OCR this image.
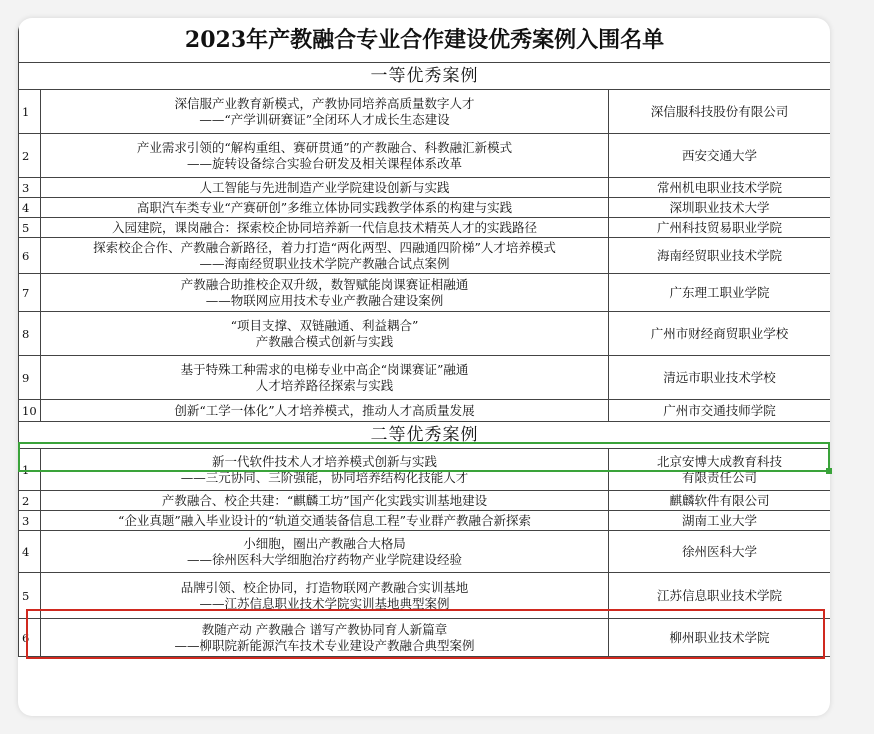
2023年产教融合专业合作建设优秀案例入围名单		
一等优秀案例		
1	深信服产业教育新模式，产教协同培养高质量数字人才
——“产学训研赛证”全闭环人才成长生态建设	深信服科技股份有限公司

2	产业需求引领的“解构重组、赛研贯通”的产教融合、科教融汇新模式
——旋转设备综合实验台研发及相关课程体系改革	西安交通大学

3	人工智能与先进制造产业学院建设创新与实践	常州机电职业技术学院

4	高职汽车类专业“产赛研创”多维立体协同实践教学体系的构建与实践	深圳职业技术大学

5	入园建院，课岗融合：探索校企协同培养新一代信息技术精英人才的实践路径	广州科技贸易职业学院

6	探索校企合作、产教融合新路径，着力打造“两化两型、四融通四阶梯”人才培养模式
——海南经贸职业技术学院产教融合试点案例	海南经贸职业技术学院

7	产教融合助推校企双升级，数智赋能岗课赛证相融通
——物联网应用技术专业产教融合建设案例	广东理工职业学院

8	“项目支撑、双链融通、利益耦合”
产教融合模式创新与实践	广州市财经商贸职业学校

9	基于特殊工种需求的电梯专业中高企“岗课赛证”融通
人才培养路径探索与实践	清远市职业技术学校

10	创新“工学一体化”人才培养模式，推动人才高质量发展	广州市交通技师学院

二等优秀案例		
1	新一代软件技术人才培养模式创新与实践
——三元协同、三阶强能，协同培养结构化技能人才	北京安博大成教育科技
有限责任公司

2	产教融合、校企共建：“麒麟工坊”国产化实践实训基地建设	麒麟软件有限公司

3	“企业真题”融入毕业设计的“轨道交通装备信息工程”专业群产教融合新探索	湖南工业大学

4	小细胞，圈出产教融合大格局
——徐州医科大学细胞治疗药物产业学院建设经验	徐州医科大学

5	品牌引领、校企协同，打造物联网产教融合实训基地
——江苏信息职业技术学院实训基地典型案例	江苏信息职业技术学院

6	教随产动 产教融合 谱写产教协同育人新篇章
——柳职院新能源汽车技术专业建设产教融合典型案例	柳州职业技术学院
